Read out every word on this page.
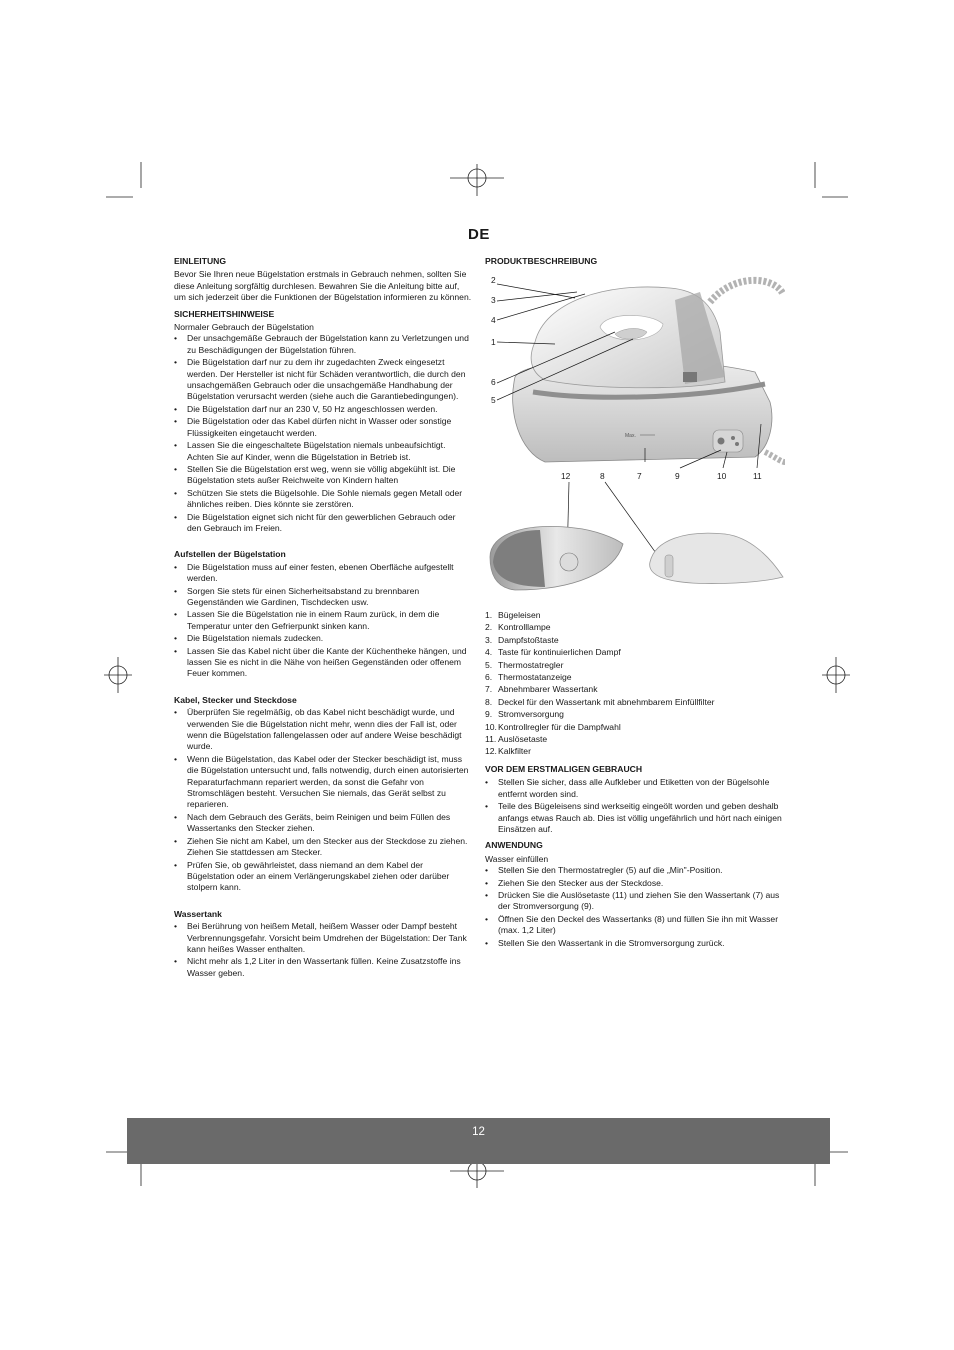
DE
EINLEITUNG
Bevor Sie Ihren neue Bügelstation erstmals in Gebrauch nehmen, sollten Sie diese Anleitung sorgfältig durchlesen. Bewahren Sie die Anleitung bitte auf, um sich jederzeit über die Funktionen der Bügelstation informieren zu können.
SICHERHEITSHINWEISE
Normaler Gebrauch der Bügelstation
• Der unsachgemäße Gebrauch der Bügelstation kann zu Verletzungen und zu Beschädigungen der Bügelstation führen.
• Die Bügelstation darf nur zu dem ihr zugedachten Zweck eingesetzt werden. Der Hersteller ist nicht für Schäden verantwortlich, die durch den unsachgemäßen Gebrauch oder die unsachgemäße Handhabung der Bügelstation verursacht werden (siehe auch die Garantiebedingungen).
• Die Bügelstation darf nur an 230 V, 50 Hz angeschlossen werden.
• Die Bügelstation oder das Kabel dürfen nicht in Wasser oder sonstige Flüssigkeiten eingetaucht werden.
• Lassen Sie die eingeschaltete Bügelstation niemals unbeaufsichtigt. Achten Sie auf Kinder, wenn die Bügelstation in Betrieb ist.
• Stellen Sie die Bügelstation erst weg, wenn sie völlig abgekühlt ist. Die Bügelstation stets außer Reichweite von Kindern halten
• Schützen Sie stets die Bügelsohle. Die Sohle niemals gegen Metall oder ähnliches reiben. Dies könnte sie zerstören.
• Die Bügelstation eignet sich nicht für den gewerblichen Gebrauch oder den Gebrauch im Freien.
Aufstellen der Bügelstation
• Die Bügelstation muss auf einer festen, ebenen Oberfläche aufgestellt werden.
• Sorgen Sie stets für einen Sicherheitsabstand zu brennbaren Gegenständen wie Gardinen, Tischdecken usw.
• Lassen Sie die Bügelstation nie in einem Raum zurück, in dem die Temperatur unter den Gefrierpunkt sinken kann.
• Die Bügelstation niemals zudecken.
• Lassen Sie das Kabel nicht über die Kante der Küchentheke hängen, und lassen Sie es nicht in die Nähe von heißen Gegenständen oder offenem Feuer kommen.
Kabel, Stecker und Steckdose
• Überprüfen Sie regelmäßig, ob das Kabel nicht beschädigt wurde, und verwenden Sie die Bügelstation nicht mehr, wenn dies der Fall ist, oder wenn die Bügelstation fallengelassen oder auf andere Weise beschädigt wurde.
• Wenn die Bügelstation, das Kabel oder der Stecker beschädigt ist, muss die Bügelstation untersucht und, falls notwendig, durch einen autorisierten Reparaturfachmann repariert werden, da sonst die Gefahr von Stromschlägen besteht. Versuchen Sie niemals, das Gerät selbst zu reparieren.
• Nach dem Gebrauch des Geräts, beim Reinigen und beim Füllen des Wassertanks den Stecker ziehen.
• Ziehen Sie nicht am Kabel, um den Stecker aus der Steckdose zu ziehen. Ziehen Sie stattdessen am Stecker.
• Prüfen Sie, ob gewährleistet, dass niemand an dem Kabel der Bügelstation oder an einem Verlängerungskabel ziehen oder darüber stolpern kann.
Wassertank
• Bei Berührung von heißem Metall, heißem Wasser oder Dampf besteht Verbrennungsgefahr. Vorsicht beim Umdrehen der Bügelstation: Der Tank kann heißes Wasser enthalten.
• Nicht mehr als 1,2 Liter in den Wassertank füllen. Keine Zusatzstoffe ins Wasser geben.
PRODUKTBESCHREIBUNG
Max.
2
3
4
1
6
5
12	8	7	9	10	11
1. Bügeleisen
2. Kontrolllampe
3. Dampfstoßtaste
4. Taste für kontinuierlichen Dampf
5. Thermostatregler
6. Thermostatanzeige
7. Abnehmbarer Wassertank
8. Deckel für den Wassertank mit abnehmbarem Einfüllfilter
9. Stromversorgung
10. Kontrollregler für die Dampfwahl
11. Auslösetaste
12. Kalkfilter
VOR DEM ERSTMALIGEN GEBRAUCH
• Stellen Sie sicher, dass alle Aufkleber und Etiketten von der Bügelsohle entfernt worden sind.
• Teile des Bügeleisens sind werkseitig eingeölt worden und geben deshalb anfangs etwas Rauch ab. Dies ist völlig ungefährlich und hört nach einigen Einsätzen auf.
ANWENDUNG
Wasser einfüllen
• Stellen Sie den Thermostatregler (5) auf die „Min"-Position.
• Ziehen Sie den Stecker aus der Steckdose.
• Drücken Sie die Auslösetaste (11) und ziehen Sie den Wassertank (7) aus der Stromversorgung (9).
• Öffnen Sie den Deckel des Wassertanks (8) und füllen Sie ihn mit Wasser (max. 1,2 Liter)
• Stellen Sie den Wassertank in die Stromversorgung zurück.
12
